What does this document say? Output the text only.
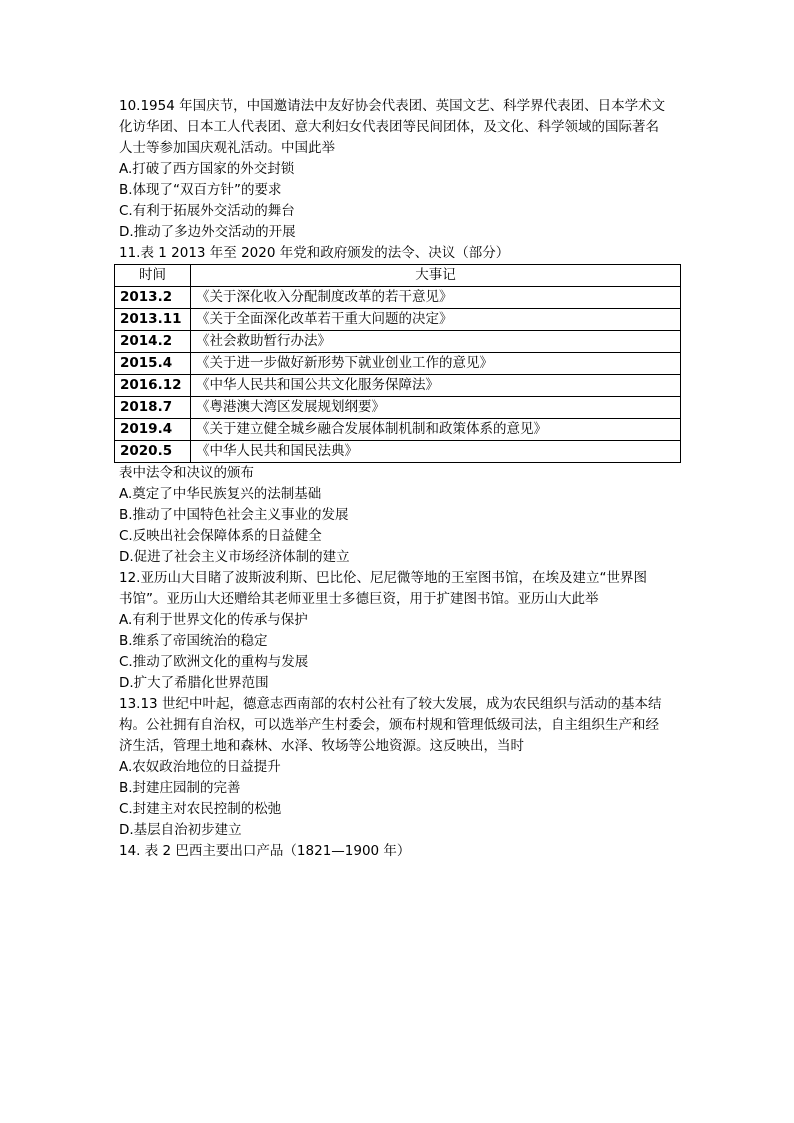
10.1954 年国庆节，中国邀请法中友好协会代表团、英国文艺、科学界代表团、日本学术文
化访华团、日本工人代表团、意大利妇女代表团等民间团体，及文化、科学领域的国际著名
人士等参加国庆观礼活动。中国此举
A.打破了西方国家的外交封锁
B.体现了“双百方针”的要求
C.有利于拓展外交活动的舞台
D.推动了多边外交活动的开展
11.表 1 2013 年至 2020 年党和政府颁发的法令、决议（部分）
时间	大事记
2013.2	《关于深化收入分配制度改革的若干意见》
2013.11	《关于全面深化改革若干重大问题的决定》
2014.2	《社会救助暂行办法》
2015.4	《关于进一步做好新形势下就业创业工作的意见》
2016.12	《中华人民共和国公共文化服务保障法》
2018.7	《粤港澳大湾区发展规划纲要》
2019.4	《关于建立健全城乡融合发展体制机制和政策体系的意见》
2020.5	《中华人民共和国民法典》
表中法令和决议的颁布
A.奠定了中华民族复兴的法制基础
B.推动了中国特色社会主义事业的发展
C.反映出社会保障体系的日益健全
D.促进了社会主义市场经济体制的建立
12.亚历山大目睹了波斯波利斯、巴比伦、尼尼微等地的王室图书馆，在埃及建立“世界图
书馆”。亚历山大还赠给其老师亚里士多德巨资，用于扩建图书馆。亚历山大此举
A.有利于世界文化的传承与保护
B.维系了帝国统治的稳定
C.推动了欧洲文化的重构与发展
D.扩大了希腊化世界范围
13.13 世纪中叶起，德意志西南部的农村公社有了较大发展，成为农民组织与活动的基本结
构。公社拥有自治权，可以选举产生村委会，颁布村规和管理低级司法，自主组织生产和经
济生活，管理土地和森林、水泽、牧场等公地资源。这反映出，当时
A.农奴政治地位的日益提升
B.封建庄园制的完善
C.封建主对农民控制的松弛
D.基层自治初步建立
14. 表 2 巴西主要出口产品（1821—1900 年）
